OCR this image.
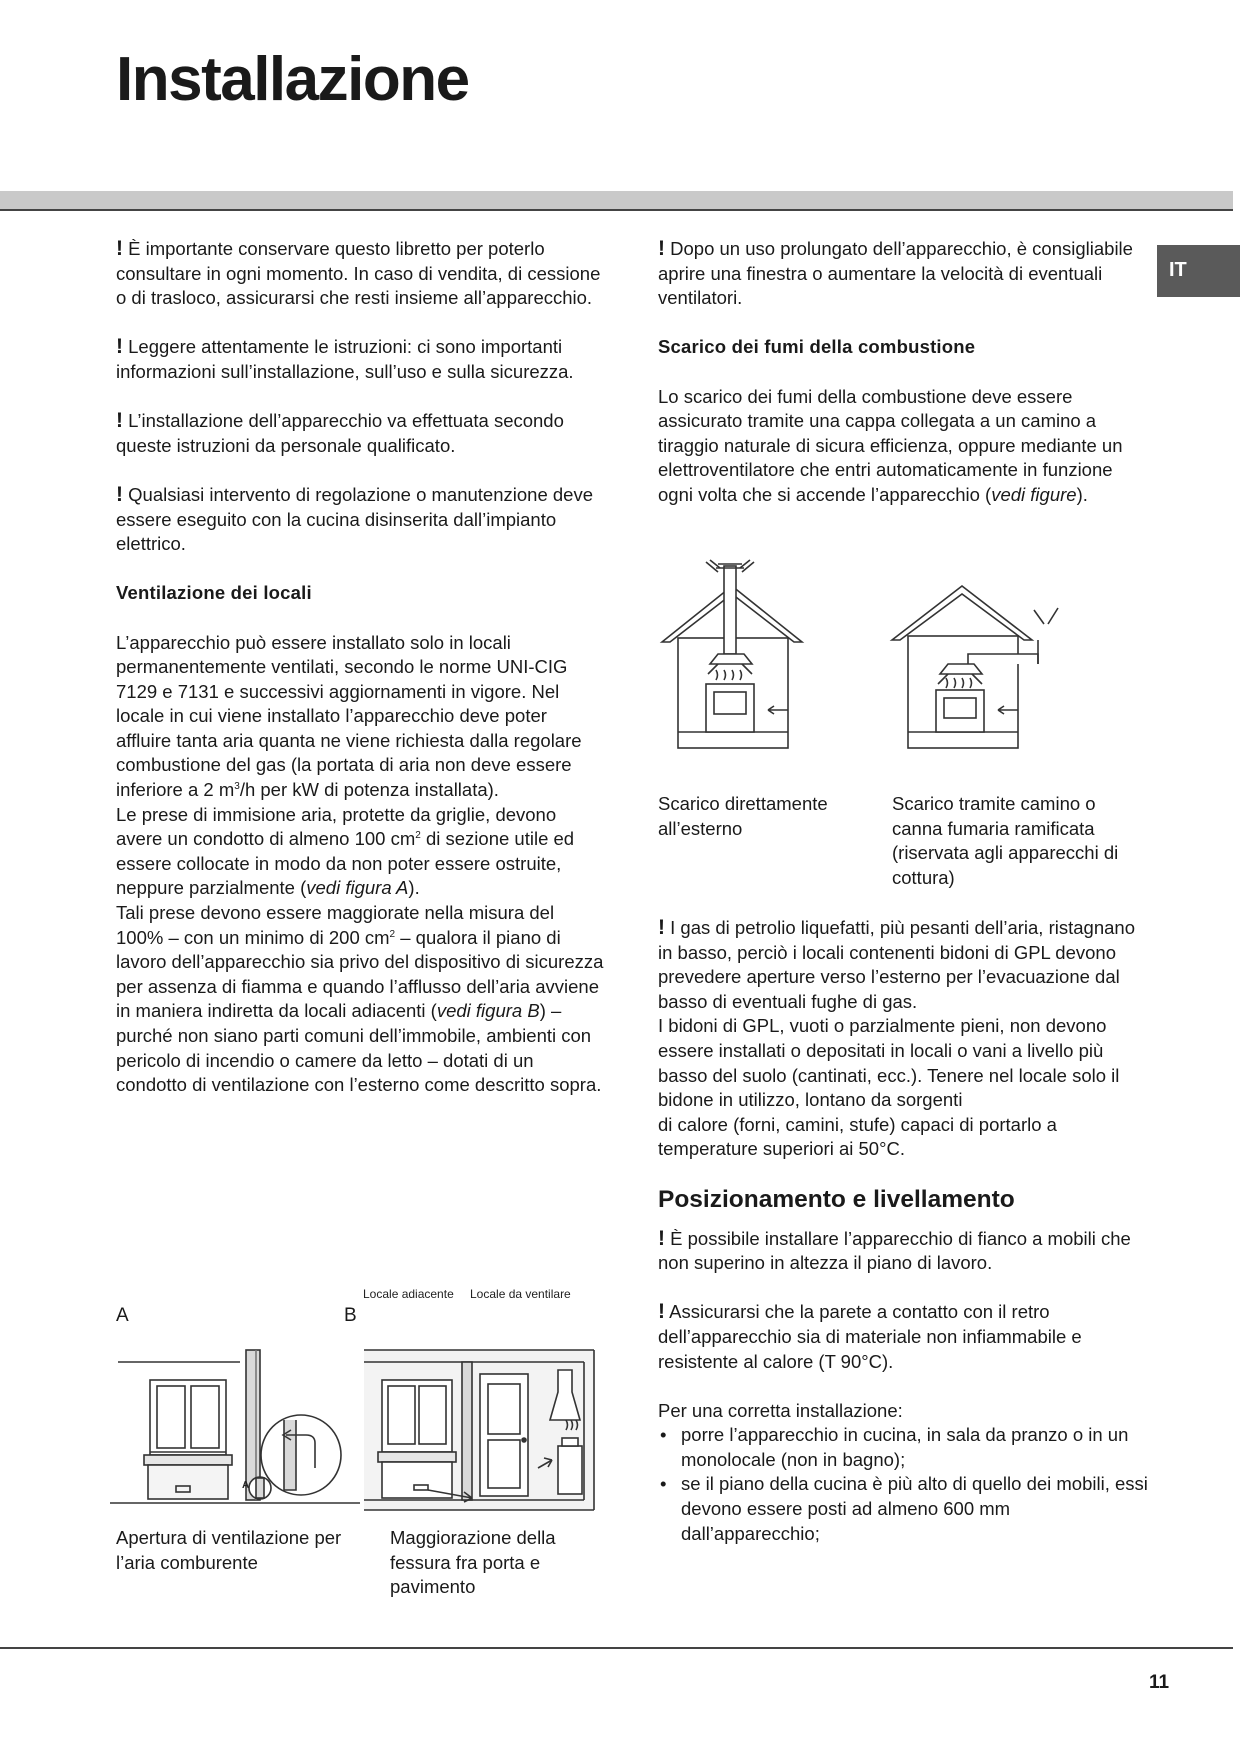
Installazione
IT

! È importante conservare questo libretto per poterlo consultare in ogni momento. In caso di vendita, di cessione o di trasloco, assicurarsi che resti insieme all’apparecchio.

! Leggere attentamente le istruzioni: ci sono importanti informazioni sull’installazione, sull’uso e sulla sicurezza.

! L’installazione dell’apparecchio va effettuata secondo queste istruzioni da personale qualificato.

! Qualsiasi intervento di regolazione o manutenzione deve essere eseguito con la cucina disinserita dall’impianto elettrico.

Ventilazione dei locali

L’apparecchio può essere installato solo in locali permanentemente ventilati, secondo le norme UNI-CIG 7129 e 7131 e successivi aggiornamenti in vigore. Nel locale in cui viene installato l’apparecchio deve poter affluire tanta aria quanta ne viene richiesta dalla regolare combustione del gas (la portata di aria non deve essere inferiore a 2 $m^3/h$ per kW di potenza installata).

Le prese di immisione aria, protette da griglie, devono avere un condotto di almeno 100 $cm^2$ di sezione utile ed essere collocate in modo da non poter essere ostruite, neppure parzialmente (vedi figura A).

Tali prese devono essere maggiorate nella misura del 100% – con un minimo di 200 $cm^2$ – qualora il piano di lavoro dell’apparecchio sia privo del dispositivo di sicurezza per assenza di fiamma e quando l’afflusso dell’aria avviene in maniera indiretta da locali adiacenti (vedi figura B) – purché non siano parti comuni dell’immobile, ambienti con pericolo di incendio o camere da letto – dotati di un condotto di ventilazione con l’esterno come descritto sopra.

Locale adiacente Locale da ventilare
A	B
A
Apertura di ventilazione per l’aria comburente
Maggiorazione della fessura fra porta e pavimento

! Dopo un uso prolungato dell’apparecchio, è consigliabile aprire una finestra o aumentare la velocità di eventuali ventilatori.

Scarico dei fumi della combustione

Lo scarico dei fumi della combustione deve essere assicurato tramite una cappa collegata a un camino a tiraggio naturale di sicura efficienza, oppure mediante un elettroventilatore che entri automaticamente in funzione ogni volta che si accende l’apparecchio (vedi figure).

Scarico direttamente all’esterno
Scarico tramite camino o canna fumaria ramificata (riservata agli apparecchi di cottura)

! I gas di petrolio liquefatti, più pesanti dell’aria, ristagnano in basso, perciò i locali contenenti bidoni di GPL devono prevedere aperture verso l’esterno per l’evacuazione dal basso di eventuali fughe di gas.

I bidoni di GPL, vuoti o parzialmente pieni, non devono essere installati o depositati in locali o vani a livello più basso del suolo (cantinati, ecc.). Tenere nel locale solo il bidone in utilizzo, lontano da sorgenti

di calore (forni, camini, stufe) capaci di portarlo a temperature superiori ai 50°C.

Posizionamento e livellamento

! È possibile installare l’apparecchio di fianco a mobili che non superino in altezza il piano di lavoro.

! Assicurarsi che la parete a contatto con il retro dell’apparecchio sia di materiale non infiammabile e resistente al calore (T 90°C).

Per una corretta installazione:

• porre l’apparecchio in cucina, in sala da pranzo o in un monolocale (non in bagno);
• se il piano della cucina è più alto di quello dei mobili, essi devono essere posti ad almeno 600 mm dall’apparecchio;
11
